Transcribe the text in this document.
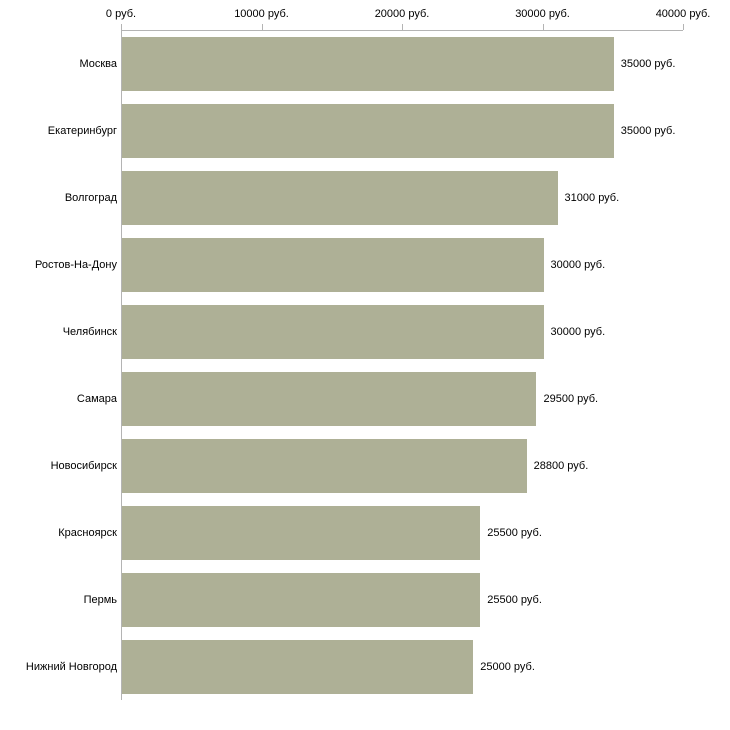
0 руб.	10000 руб.	20000 руб.	30000 руб.	40000 руб.
Москва	35000 руб.
Екатеринбург	35000 руб.
Волгоград	31000 руб.
Ростов-На-Дону	30000 руб.
Челябинск	30000 руб.
Самара	29500 руб.
Новосибирск	28800 руб.
Красноярск	25500 руб.
Пермь	25500 руб.
Нижний Новгород	25000 руб.
